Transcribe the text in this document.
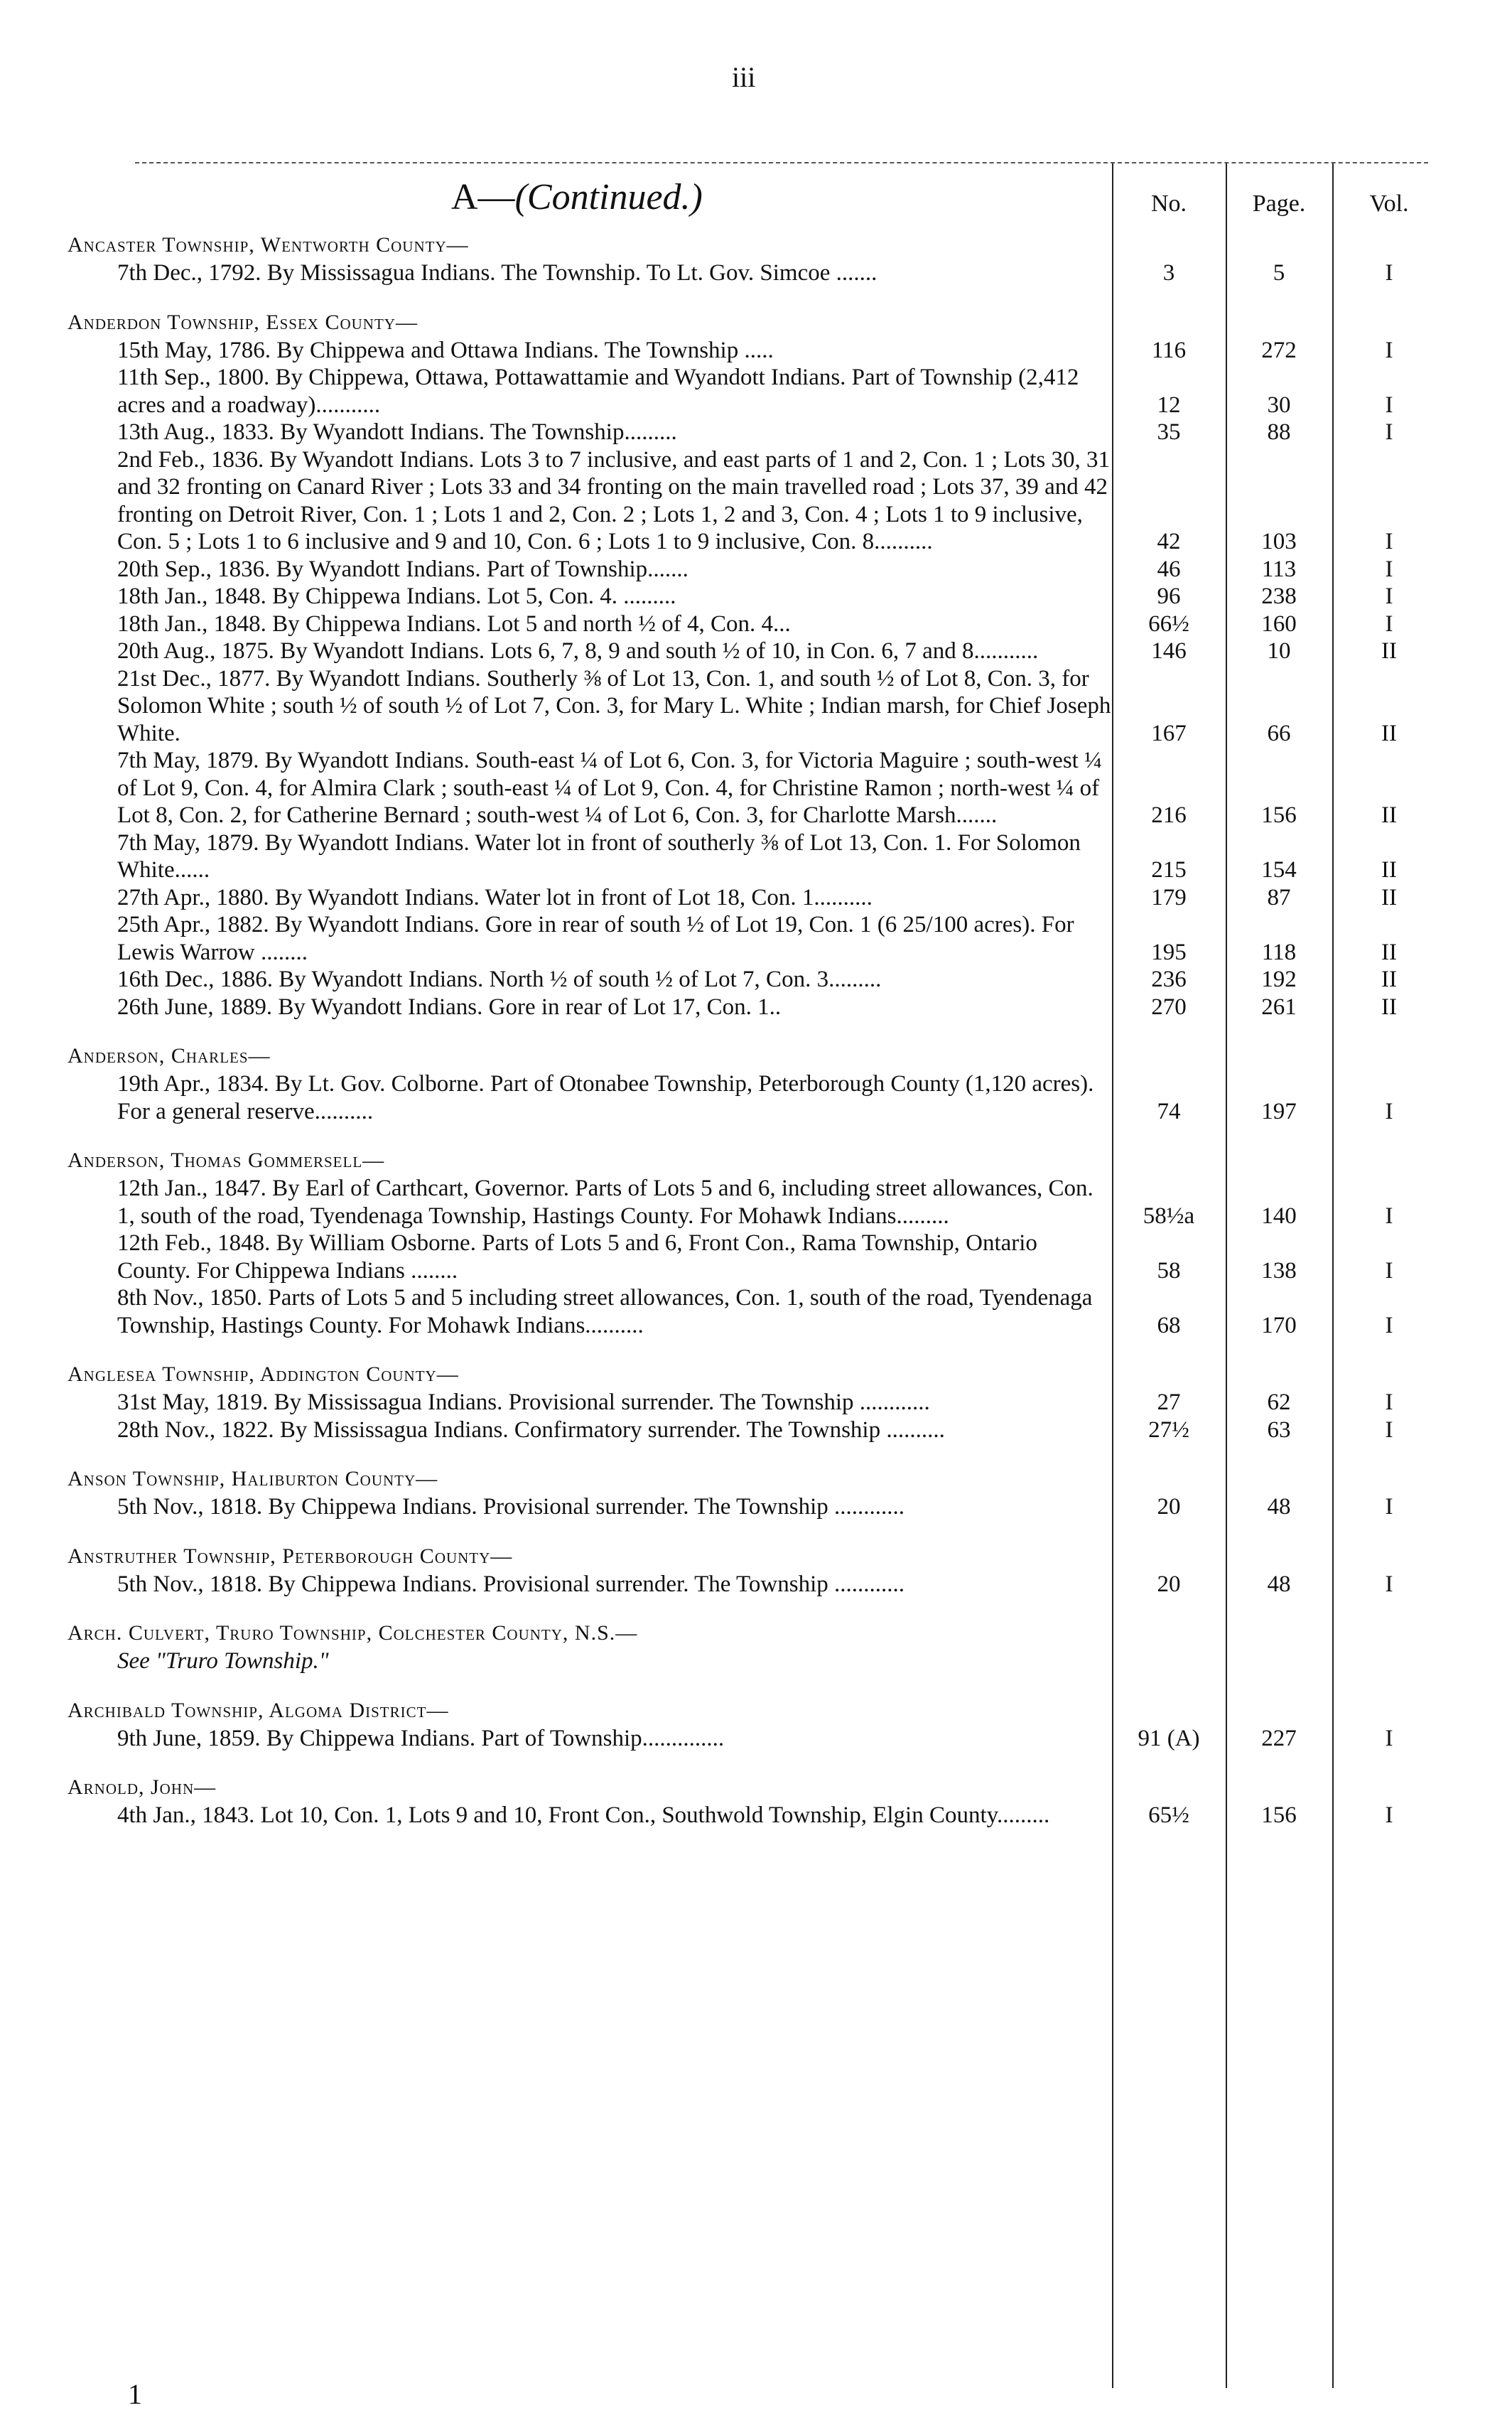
iii
A—(Continued.)	No.	Page.	Vol.
Ancaster Township, Wentworth County—
7th Dec., 1792. By Mississagua Indians. The Township. To Lt. Gov. Simcoe .......	3	5	I
Anderdon Township, Essex County—
15th May, 1786. By Chippewa and Ottawa Indians. The Township .....	116	272	I
11th Sep., 1800. By Chippewa, Ottawa, Pottawattamie and Wyandott Indians. Part of Township (2,412 acres and a roadway)...........	12	30	I
13th Aug., 1833. By Wyandott Indians. The Township.........	35	88	I
2nd Feb., 1836. By Wyandott Indians. Lots 3 to 7 inclusive, and east parts of 1 and 2, Con. 1 ; Lots 30, 31 and 32 fronting on Canard River ; Lots 33 and 34 fronting on the main travelled road ; Lots 37, 39 and 42 fronting on Detroit River, Con. 1 ; Lots 1 and 2, Con. 2 ; Lots 1, 2 and 3, Con. 4 ; Lots 1 to 9 inclusive, Con. 5 ; Lots 1 to 6 inclusive and 9 and 10, Con. 6 ; Lots 1 to 9 inclusive, Con. 8..........	42	103	I
20th Sep., 1836. By Wyandott Indians. Part of Township.......	46	113	I
18th Jan., 1848. By Chippewa Indians. Lot 5, Con. 4. .........	96	238	I
18th Jan., 1848. By Chippewa Indians. Lot 5 and north ½ of 4, Con. 4...	66½	160	I
20th Aug., 1875. By Wyandott Indians. Lots 6, 7, 8, 9 and south ½ of 10, in Con. 6, 7 and 8...........	146	10	II
21st Dec., 1877. By Wyandott Indians. Southerly ⅜ of Lot 13, Con. 1, and south ½ of Lot 8, Con. 3, for Solomon White ; south ½ of south ½ of Lot 7, Con. 3, for Mary L. White ; Indian marsh, for Chief Joseph White.	167	66	II
7th May, 1879. By Wyandott Indians. South-east ¼ of Lot 6, Con. 3, for Victoria Maguire ; south-west ¼ of Lot 9, Con. 4, for Almira Clark ; south-east ¼ of Lot 9, Con. 4, for Christine Ramon ; north-west ¼ of Lot 8, Con. 2, for Catherine Bernard ; south-west ¼ of Lot 6, Con. 3, for Charlotte Marsh.......	216	156	II
7th May, 1879. By Wyandott Indians. Water lot in front of southerly ⅜ of Lot 13, Con. 1. For Solomon White......	215	154	II
27th Apr., 1880. By Wyandott Indians. Water lot in front of Lot 18, Con. 1..........	179	87	II
25th Apr., 1882. By Wyandott Indians. Gore in rear of south ½ of Lot 19, Con. 1 (6 25/100 acres). For Lewis Warrow ........	195	118	II
16th Dec., 1886. By Wyandott Indians. North ½ of south ½ of Lot 7, Con. 3.........	236	192	II
26th June, 1889. By Wyandott Indians. Gore in rear of Lot 17, Con. 1..	270	261	II
Anderson, Charles—
19th Apr., 1834. By Lt. Gov. Colborne. Part of Otonabee Township, Peterborough County (1,120 acres). For a general reserve..........	74	197	I
Anderson, Thomas Gommersell—
12th Jan., 1847. By Earl of Carthcart, Governor. Parts of Lots 5 and 6, including street allowances, Con. 1, south of the road, Tyendenaga Township, Hastings County. For Mohawk Indians.........	58½a	140	I
12th Feb., 1848. By William Osborne. Parts of Lots 5 and 6, Front Con., Rama Township, Ontario County. For Chippewa Indians ........	58	138	I
8th Nov., 1850. Parts of Lots 5 and 5 including street allowances, Con. 1, south of the road, Tyendenaga Township, Hastings County. For Mohawk Indians..........	68	170	I
Anglesea Township, Addington County—
31st May, 1819. By Mississagua Indians. Provisional surrender. The Township ............	27	62	I
28th Nov., 1822. By Mississagua Indians. Confirmatory surrender. The Township ..........	27½	63	I
Anson Township, Haliburton County—
5th Nov., 1818. By Chippewa Indians. Provisional surrender. The Township ............	20	48	I
Anstruther Township, Peterborough County—
5th Nov., 1818. By Chippewa Indians. Provisional surrender. The Township ............	20	48	I
Arch. Culvert, Truro Township, Colchester County, N.S.—
See "Truro Township."
Archibald Township, Algoma District—
9th June, 1859. By Chippewa Indians. Part of Township..............	91 (A)	227	I
Arnold, John—
4th Jan., 1843. Lot 10, Con. 1, Lots 9 and 10, Front Con., Southwold Township, Elgin County.........	65½	156	I
1
